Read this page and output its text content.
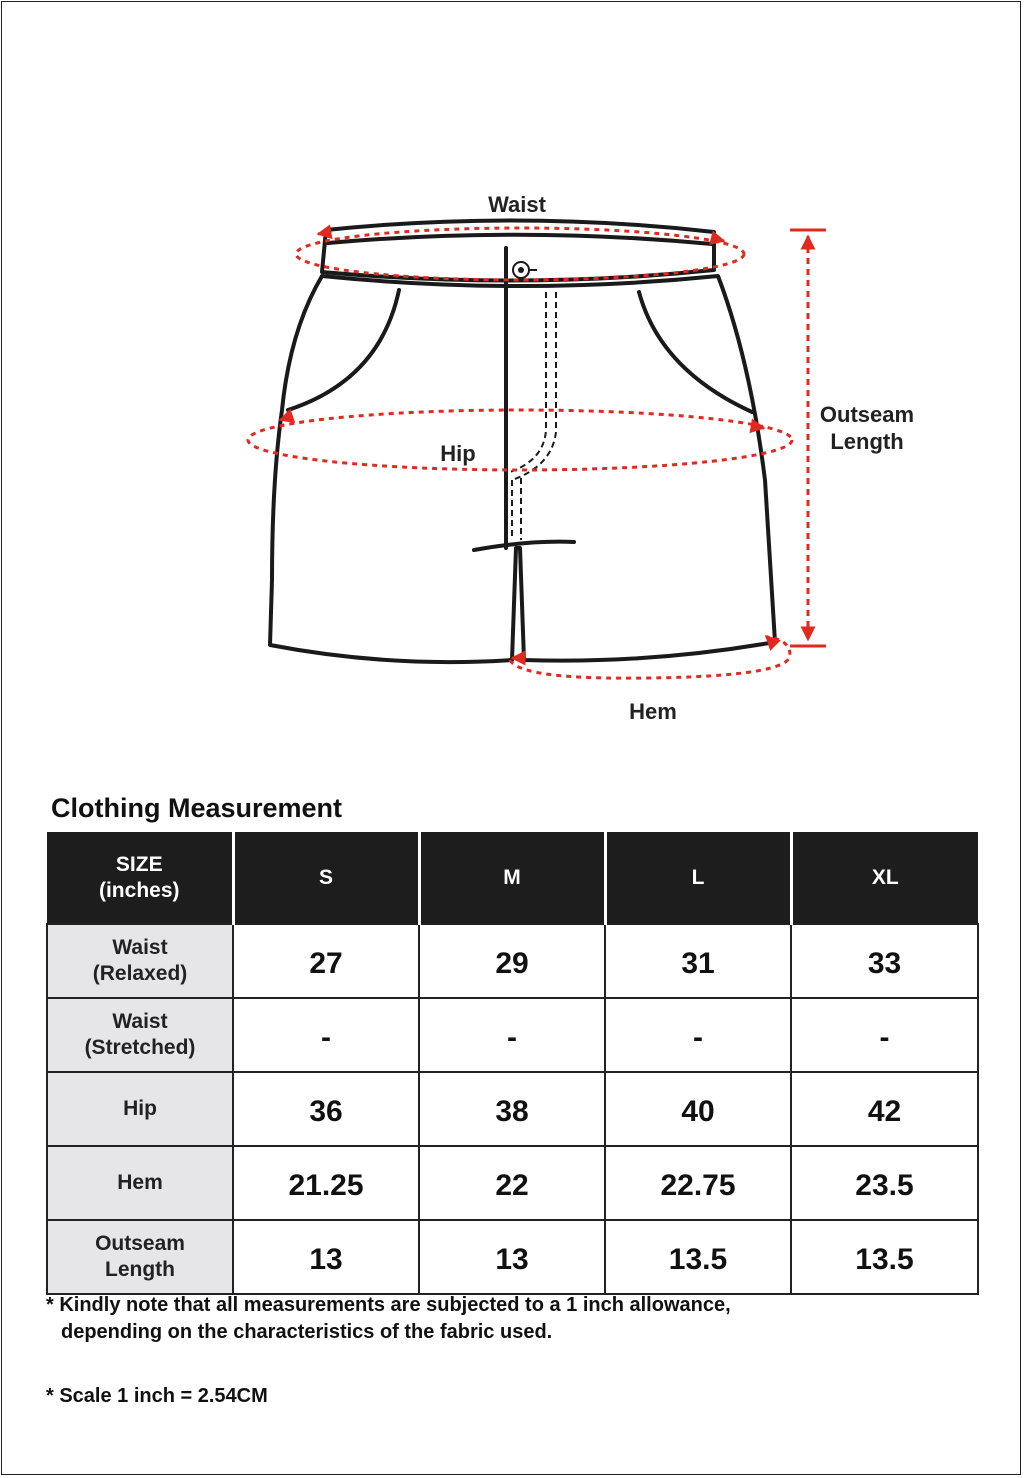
Waist
Hip
Hem
Outseam
Length
Clothing Measurement
SIZE
(inches)	S	M	L	XL
Waist
(Relaxed)	27	29	31	33
Waist
(Stretched)	-	-	-	-
Hip	36	38	40	42
Hem	21.25	22	22.75	23.5
Outseam
Length	13	13	13.5	13.5
* Kindly note that all measurements are subjected to a 1 inch allowance,
depending on the characteristics of the fabric used.
* Scale 1 inch = 2.54CM
